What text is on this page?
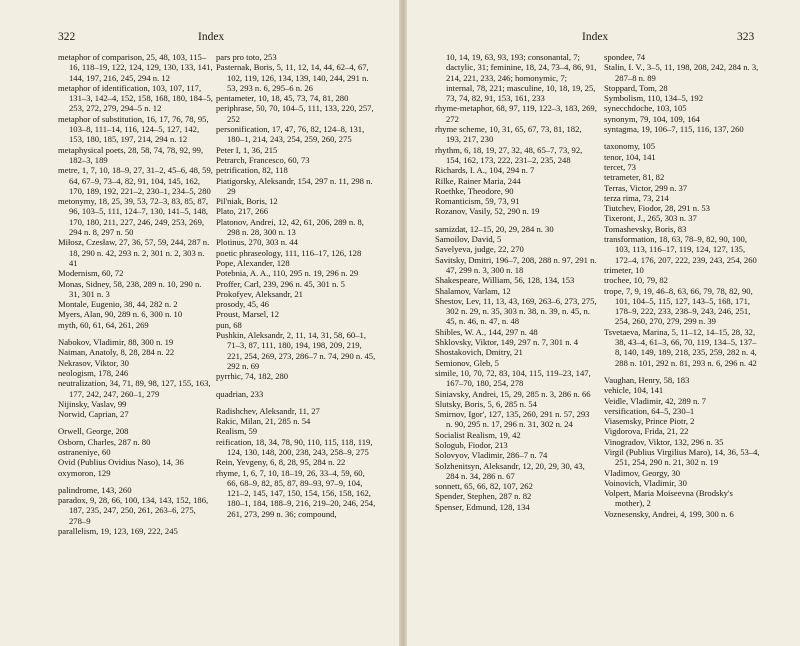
322	Index
metaphor of comparison, 25, 48, 103, 115–16, 118–19, 122, 124, 129, 130, 133, 141, 144, 197, 216, 245, 294 n. 12
metaphor of identification, 103, 107, 117, 131–3, 142–4, 152, 158, 168, 180, 184–5, 253, 272, 279, 294–5 n. 12
metaphor of substitution, 16, 17, 76, 78, 95, 103–8, 111–14, 116, 124–5, 127, 142, 153, 180, 185, 197, 214, 294 n. 12
metaphysical poets, 28, 58, 74, 78, 92, 99, 182–3, 189
metre, 1, 7, 10, 18–9, 27, 31–2, 45–6, 48, 59, 64, 67–9, 73–4, 82, 91, 104, 145, 162, 170, 189, 192, 221–2, 230–1, 234–5, 280
metonymy, 18, 25, 39, 53, 72–3, 83, 85, 87, 96, 103–5, 111, 124–7, 130, 141–5, 148, 170, 180, 211, 227, 246, 249, 253, 269, 294 n. 8, 297 n. 50
Miłosz, Czesław, 27, 36, 57, 59, 244, 287 n. 18, 290 n. 42, 293 n. 2, 301 n. 2, 303 n. 41
Modernism, 60, 72
Monas, Sidney, 58, 238, 289 n. 10, 290 n. 31, 301 n. 3
Montale, Eugenio, 38, 44, 282 n. 2
Myers, Alan, 90, 289 n. 6, 300 n. 10
myth, 60, 61, 64, 261, 269
Nabokov, Vladimir, 88, 300 n. 19
Naiman, Anatoly, 8, 28, 284 n. 22
Nekrasov, Viktor, 30
neologism, 178, 246
neutralization, 34, 71, 89, 98, 127, 155, 163, 177, 242, 247, 260–1, 279
Nijinsky, Vaslav, 99
Norwid, Caprian, 27
Orwell, George, 208
Osborn, Charles, 287 n. 80
ostraneniye, 60
Ovid (Publius Ovidius Naso), 14, 36
oxymoron, 129
palindrome, 143, 260
paradox, 9, 28, 66, 100, 134, 143, 152, 186, 187, 235, 247, 250, 261, 263–6, 275, 278–9
parallelism, 19, 123, 169, 222, 245
pars pro toto, 253
Pasternak, Boris, 5, 11, 12, 14, 44, 62–4, 67, 102, 119, 126, 134, 139, 140, 244, 291 n. 53, 293 n. 6, 295–6 n. 26
pentameter, 10, 18, 45, 73, 74, 81, 280
periphrase, 50, 70, 104–5, 111, 133, 220, 257, 252
personification, 17, 47, 76, 82, 124–8, 131, 180–1, 214, 243, 254, 259, 260, 275
Peter I, 1, 36, 215
Petrarch, Francesco, 60, 73
petrification, 82, 118
Piatigorsky, Aleksandr, 154, 297 n. 11, 298 n. 29
Pil'niak, Boris, 12
Plato, 217, 266
Platonov, Andrei, 12, 42, 61, 206, 289 n. 8, 298 n. 28, 300 n. 13
Plotinus, 270, 303 n. 44
poetic phraseology, 111, 116–17, 126, 128
Pope, Alexander, 128
Potebnia, A. A., 110, 295 n. 19, 296 n. 29
Proffer, Carl, 239, 296 n. 45, 301 n. 5
Prokofyev, Aleksandr, 21
prosody, 45, 46
Proust, Marsel, 12
pun, 68
Pushkin, Aleksandr, 2, 11, 14, 31, 58, 60–1, 71–3, 87, 111, 180, 194, 198, 209, 219, 221, 254, 269, 273, 286–7 n. 74, 290 n. 45, 292 n. 69
pyrrhic, 74, 182, 280
quadrian, 233
Radishchev, Aleksandr, 11, 27
Rakic, Milan, 21, 285 n. 54
Realism, 59
reification, 18, 34, 78, 90, 110, 115, 118, 119, 124, 130, 148, 200, 238, 243, 258–9, 275
Rein, Yevgeny, 6, 8, 28, 95, 284 n. 22
rhyme, 1, 6, 7, 10, 18–19, 26, 33–4, 59, 60, 66, 68–9, 82, 85, 87, 89–93, 97–9, 104, 121–2, 145, 147, 150, 154, 156, 158, 162, 180–1, 184, 188–9, 216, 219–20, 246, 254, 261, 273, 299 n. 36; compound,
Index	323
10, 14, 19, 63, 93, 193; consonantal, 7; dactylic, 31; feminine, 18, 24, 73–4, 86, 91, 214, 221, 233, 246; homonymic, 7; internal, 78, 221; masculine, 10, 18, 19, 25, 73, 74, 82, 91, 153, 161, 233
rhyme-metaphor, 68, 97, 119, 122–3, 183, 269, 272
rhyme scheme, 10, 31, 65, 67, 73, 81, 182, 193, 217, 230
rhythm, 6, 18, 19, 27, 32, 48, 65–7, 73, 92, 154, 162, 173, 222, 231–2, 235, 248
Richards, I. A., 104, 294 n. 7
Rilke, Rainer Maria, 244
Roethke, Theodore, 90
Romanticism, 59, 73, 91
Rozanov, Vasily, 52, 290 n. 19
samizdat, 12–15, 20, 29, 284 n. 30
Samoilov, David, 5
Savelyeva, judge, 22, 270
Savitsky, Dmitri, 196–7, 208, 288 n. 97, 291 n. 47, 299 n. 3, 300 n. 18
Shakespeare, William, 56, 128, 134, 153
Shalamov, Varlam, 12
Shestov, Lev, 11, 13, 43, 169, 263–6, 273, 275, 302 n. 29, n. 35, 303 n. 38, n. 39, n. 45, n. 45, n. 46, n. 47, n. 48
Shibles, W. A., 144, 297 n. 48
Shklovsky, Viktor, 149, 297 n. 7, 301 n. 4
Shostakovich, Dmitry, 21
Semionov, Gleb, 5
simile, 10, 70, 72, 83, 104, 115, 119–23, 147, 167–70, 180, 254, 278
Siniavsky, Andrei, 15, 29, 285 n. 3, 286 n. 66
Slutsky, Boris, 5, 6, 285 n. 54
Smirnov, Igor', 127, 135, 260, 291 n. 57, 293 n. 90, 295 n. 17, 296 n. 31, 302 n. 24
Socialist Realism, 19, 42
Sologub, Fiodor, 213
Solovyov, Vladimir, 286–7 n. 74
Solzhenitsyn, Aleksandr, 12, 20, 29, 30, 43, 284 n. 34, 286 n. 67
sonnett, 65, 66, 82, 107, 262
Spender, Stephen, 287 n. 82
Spenser, Edmund, 128, 134
spondee, 74
Stalin, I. V., 3–5, 11, 198, 208, 242, 284 n. 3, 287–8 n. 89
Stoppard, Tom, 28
Symbolism, 110, 134–5, 192
synecchdoche, 103, 105
synonym, 79, 104, 109, 164
syntagma, 19, 106–7, 115, 116, 137, 260
taxonomy, 105
tenor, 104, 141
tercet, 73
tetrameter, 81, 82
Terras, Victor, 299 n. 37
terza rima, 73, 214
Tiutchev, Fiodor, 28, 291 n. 53
Tixeront, J., 265, 303 n. 37
Tomashevsky, Boris, 83
transformation, 18, 63, 78–9, 82, 90, 100, 103, 113, 116–17, 119, 124, 127, 135, 172–4, 176, 207, 222, 239, 243, 254, 260
trimeter, 10
trochee, 10, 79, 82
trope, 7, 9, 19, 46–8, 63, 66, 79, 78, 82, 90, 101, 104–5, 115, 127, 143–5, 168, 171, 178–9, 222, 233, 238–9, 243, 246, 251, 254, 260, 270, 279, 299 n. 39
Tsvetaeva, Marina, 5, 11–12, 14–15, 28, 32, 38, 43–4, 61–3, 66, 70, 119, 134–5, 137–8, 140, 149, 189, 218, 235, 259, 282 n. 4, 288 n. 101, 292 n. 81, 293 n. 6, 296 n. 42
Vaughan, Henry, 58, 183
vehicle, 104, 141
Veidle, Vladimir, 42, 289 n. 7
versification, 64–5, 230–1
Viasemsky, Prince Piotr, 2
Vigdorova, Frida, 21, 22
Vinogradov, Viktor, 132, 296 n. 35
Virgil (Publius Virgilius Maro), 14, 36, 53–4, 251, 254, 290 n. 21, 302 n. 19
Vladimov, Georgy, 30
Voinovich, Vladimir, 30
Volpert, Maria Moiseevna (Brodsky's mother), 2
Voznesensky, Andrei, 4, 199, 300 n. 6
